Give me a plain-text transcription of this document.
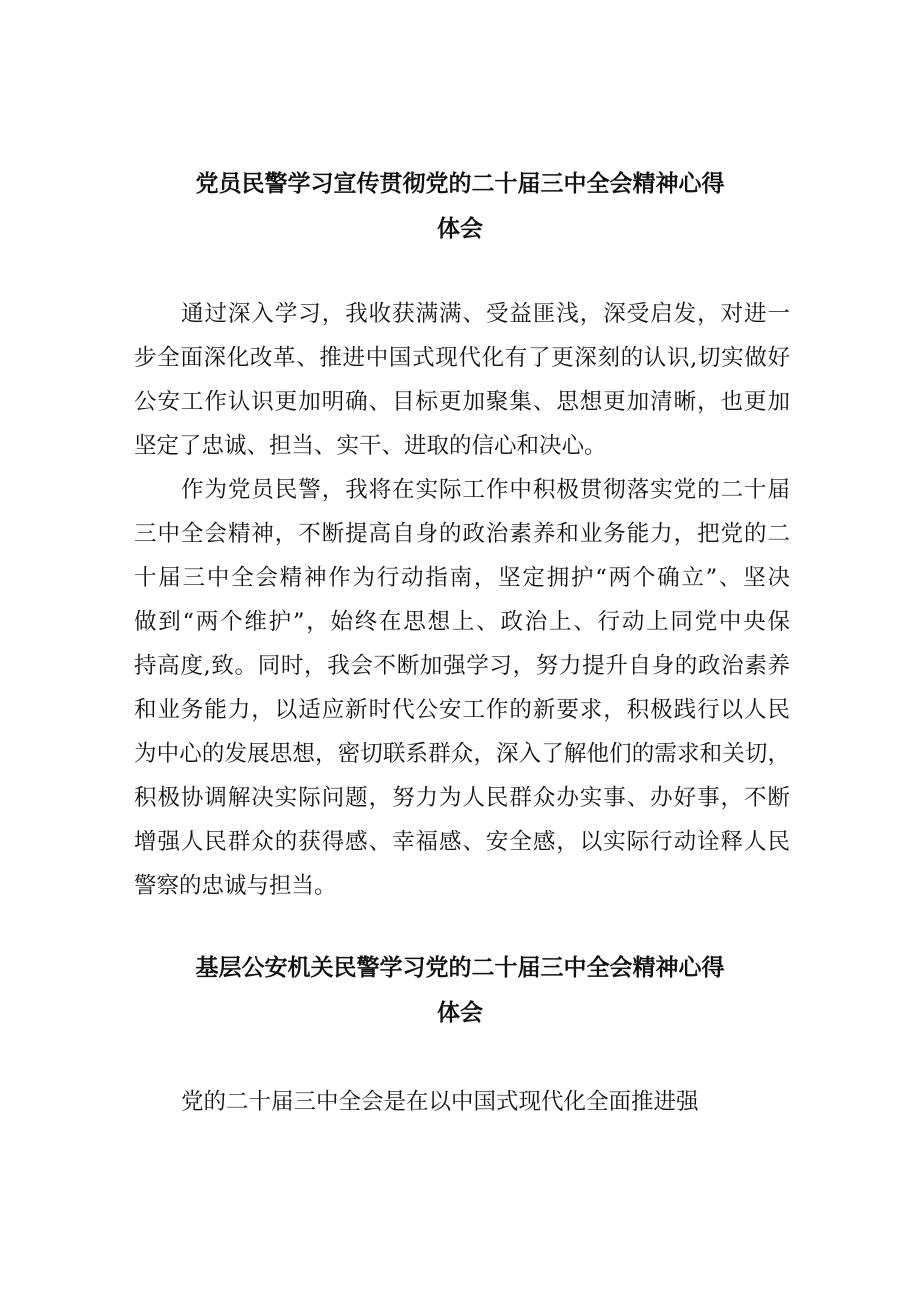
党员民警学习宣传贯彻党的二十届三中全会精神心得
体会
通过深入学习，我收获满满、受益匪浅，深受启发，对进一
步全面深化改革、推进中国式现代化有了更深刻的认识,切实做好
公安工作认识更加明确、目标更加聚集、思想更加清晰，也更加
坚定了忠诚、担当、实干、进取的信心和决心。
作为党员民警，我将在实际工作中积极贯彻落实党的二十届
三中全会精神，不断提高自身的政治素养和业务能力，把党的二
十届三中全会精神作为行动指南，坚定拥护“两个确立”、坚决
做到“两个维护”，始终在思想上、政治上、行动上同党中央保
持高度,致。同时，我会不断加强学习，努力提升自身的政治素养
和业务能力，以适应新时代公安工作的新要求，积极践行以人民
为中心的发展思想，密切联系群众，深入了解他们的需求和关切，
积极协调解决实际问题，努力为人民群众办实事、办好事，不断
增强人民群众的获得感、幸福感、安全感，以实际行动诠释人民
警察的忠诚与担当。
基层公安机关民警学习党的二十届三中全会精神心得
体会
党的二十届三中全会是在以中国式现代化全面推进强
